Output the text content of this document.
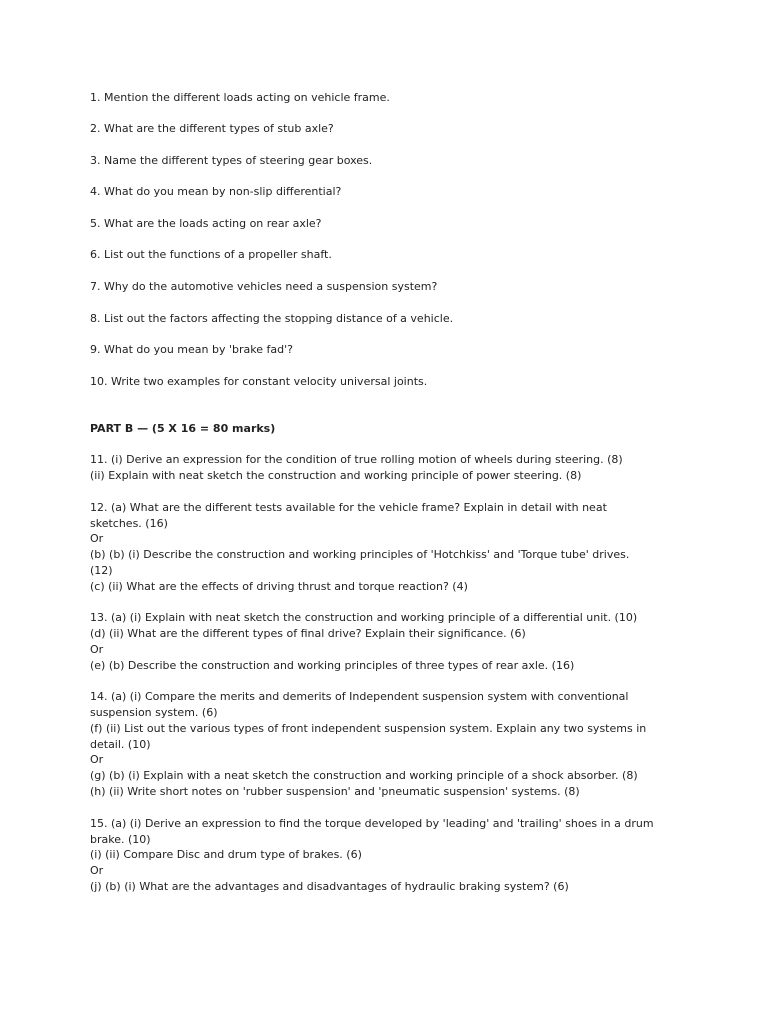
1. Mention the different loads acting on vehicle frame.
2. What are the different types of stub axle?
3. Name the different types of steering gear boxes.
4. What do you mean by non-slip differential?
5. What are the loads acting on rear axle?
6. List out the functions of a propeller shaft.
7. Why do the automotive vehicles need a suspension system?
8. List out the factors affecting the stopping distance of a vehicle.
9. What do you mean by 'brake fad'?
10. Write two examples for constant velocity universal joints.
PART B — (5 X 16 = 80 marks)
11. (i) Derive an expression for the condition of true rolling motion of wheels during steering. (8)
(ii) Explain with neat sketch the construction and working principle of power steering. (8)
12. (a) What are the different tests available for the vehicle frame? Explain in detail with neat
sketches. (16)
Or
(b) (b) (i) Describe the construction and working principles of 'Hotchkiss' and 'Torque tube' drives.
(12)
(c) (ii) What are the effects of driving thrust and torque reaction? (4)
13. (a) (i) Explain with neat sketch the construction and working principle of a differential unit. (10)
(d) (ii) What are the different types of final drive? Explain their significance. (6)
Or
(e) (b) Describe the construction and working principles of three types of rear axle. (16)
14. (a) (i) Compare the merits and demerits of Independent suspension system with conventional
suspension system. (6)
(f) (ii) List out the various types of front independent suspension system. Explain any two systems in
detail. (10)
Or
(g) (b) (i) Explain with a neat sketch the construction and working principle of a shock absorber. (8)
(h) (ii) Write short notes on 'rubber suspension' and 'pneumatic suspension' systems. (8)
15. (a) (i) Derive an expression to find the torque developed by 'leading' and 'trailing' shoes in a drum
brake. (10)
(i) (ii) Compare Disc and drum type of brakes. (6)
Or
(j) (b) (i) What are the advantages and disadvantages of hydraulic braking system? (6)
